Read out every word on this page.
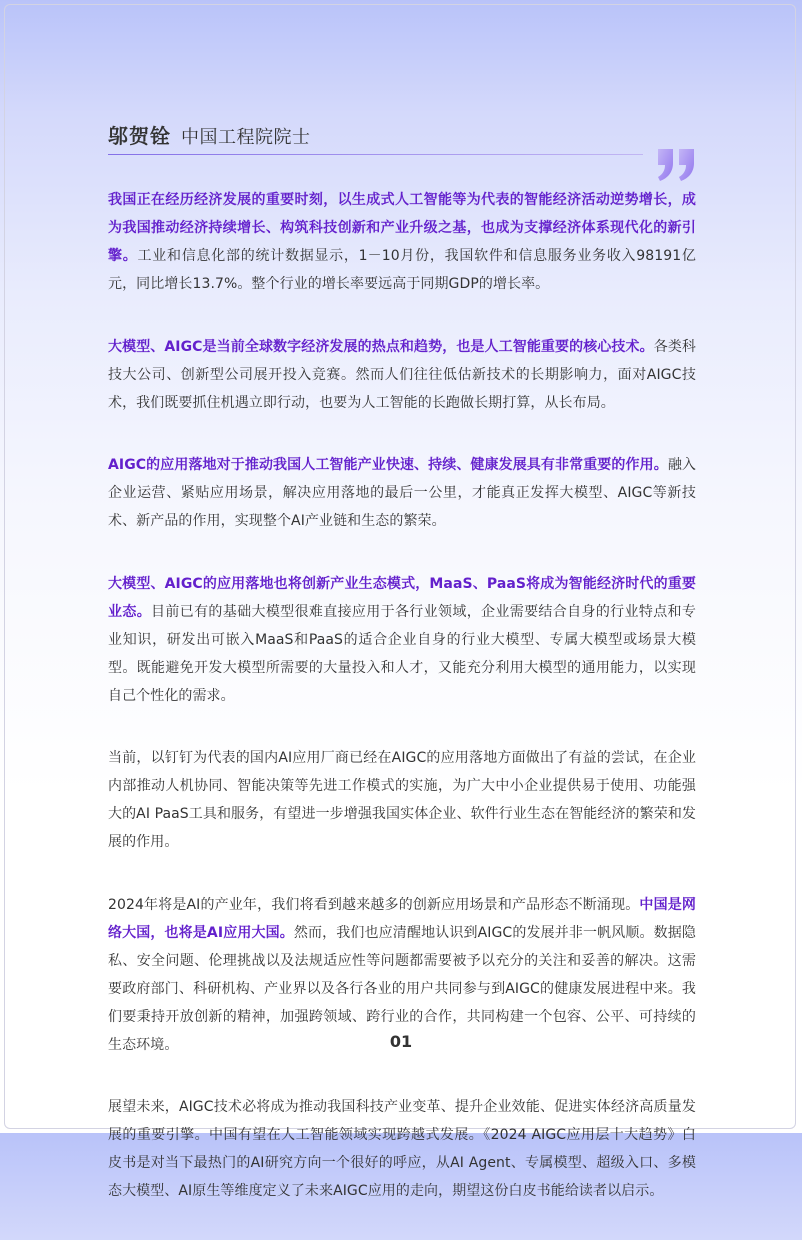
邬贺铨 中国工程院院士

我国正在经历经济发展的重要时刻，以生成式人工智能等为代表的智能经济活动逆势增长，成为我国推动经济持续增长、构筑科技创新和产业升级之基，也成为支撑经济体系现代化的新引擎。工业和信息化部的统计数据显示，1－10月份，我国软件和信息服务业务收入98191亿元，同比增长13.7%。整个行业的增长率要远高于同期GDP的增长率。

大模型、AIGC是当前全球数字经济发展的热点和趋势，也是人工智能重要的核心技术。各类科技大公司、创新型公司展开投入竞赛。然而人们往往低估新技术的长期影响力，面对AIGC技术，我们既要抓住机遇立即行动，也要为人工智能的长跑做长期打算，从长布局。

AIGC的应用落地对于推动我国人工智能产业快速、持续、健康发展具有非常重要的作用。融入企业运营、紧贴应用场景，解决应用落地的最后一公里，才能真正发挥大模型、AIGC等新技术、新产品的作用，实现整个AI产业链和生态的繁荣。

大模型、AIGC的应用落地也将创新产业生态模式，MaaS、PaaS将成为智能经济时代的重要业态。目前已有的基础大模型很难直接应用于各行业领域，企业需要结合自身的行业特点和专业知识，研发出可嵌入MaaS和PaaS的适合企业自身的行业大模型、专属大模型或场景大模型。既能避免开发大模型所需要的大量投入和人才，又能充分利用大模型的通用能力，以实现自己个性化的需求。

当前，以钉钉为代表的国内AI应用厂商已经在AIGC的应用落地方面做出了有益的尝试，在企业内部推动人机协同、智能决策等先进工作模式的实施，为广大中小企业提供易于使用、功能强大的AI PaaS工具和服务，有望进一步增强我国实体企业、软件行业生态在智能经济的繁荣和发展的作用。

2024年将是AI的产业年，我们将看到越来越多的创新应用场景和产品形态不断涌现。中国是网络大国，也将是AI应用大国。然而，我们也应清醒地认识到AIGC的发展并非一帆风顺。数据隐私、安全问题、伦理挑战以及法规适应性等问题都需要被予以充分的关注和妥善的解决。这需要政府部门、科研机构、产业界以及各行各业的用户共同参与到AIGC的健康发展进程中来。我们要秉持开放创新的精神，加强跨领域、跨行业的合作，共同构建一个包容、公平、可持续的生态环境。

展望未来，AIGC技术必将成为推动我国科技产业变革、提升企业效能、促进实体经济高质量发展的重要引擎。中国有望在人工智能领域实现跨越式发展。《2024 AIGC应用层十大趋势》白皮书是对当下最热门的AI研究方向一个很好的呼应，从AI Agent、专属模型、超级入口、多模态大模型、AI原生等维度定义了未来AIGC应用的走向，期望这份白皮书能给读者以启示。

01
